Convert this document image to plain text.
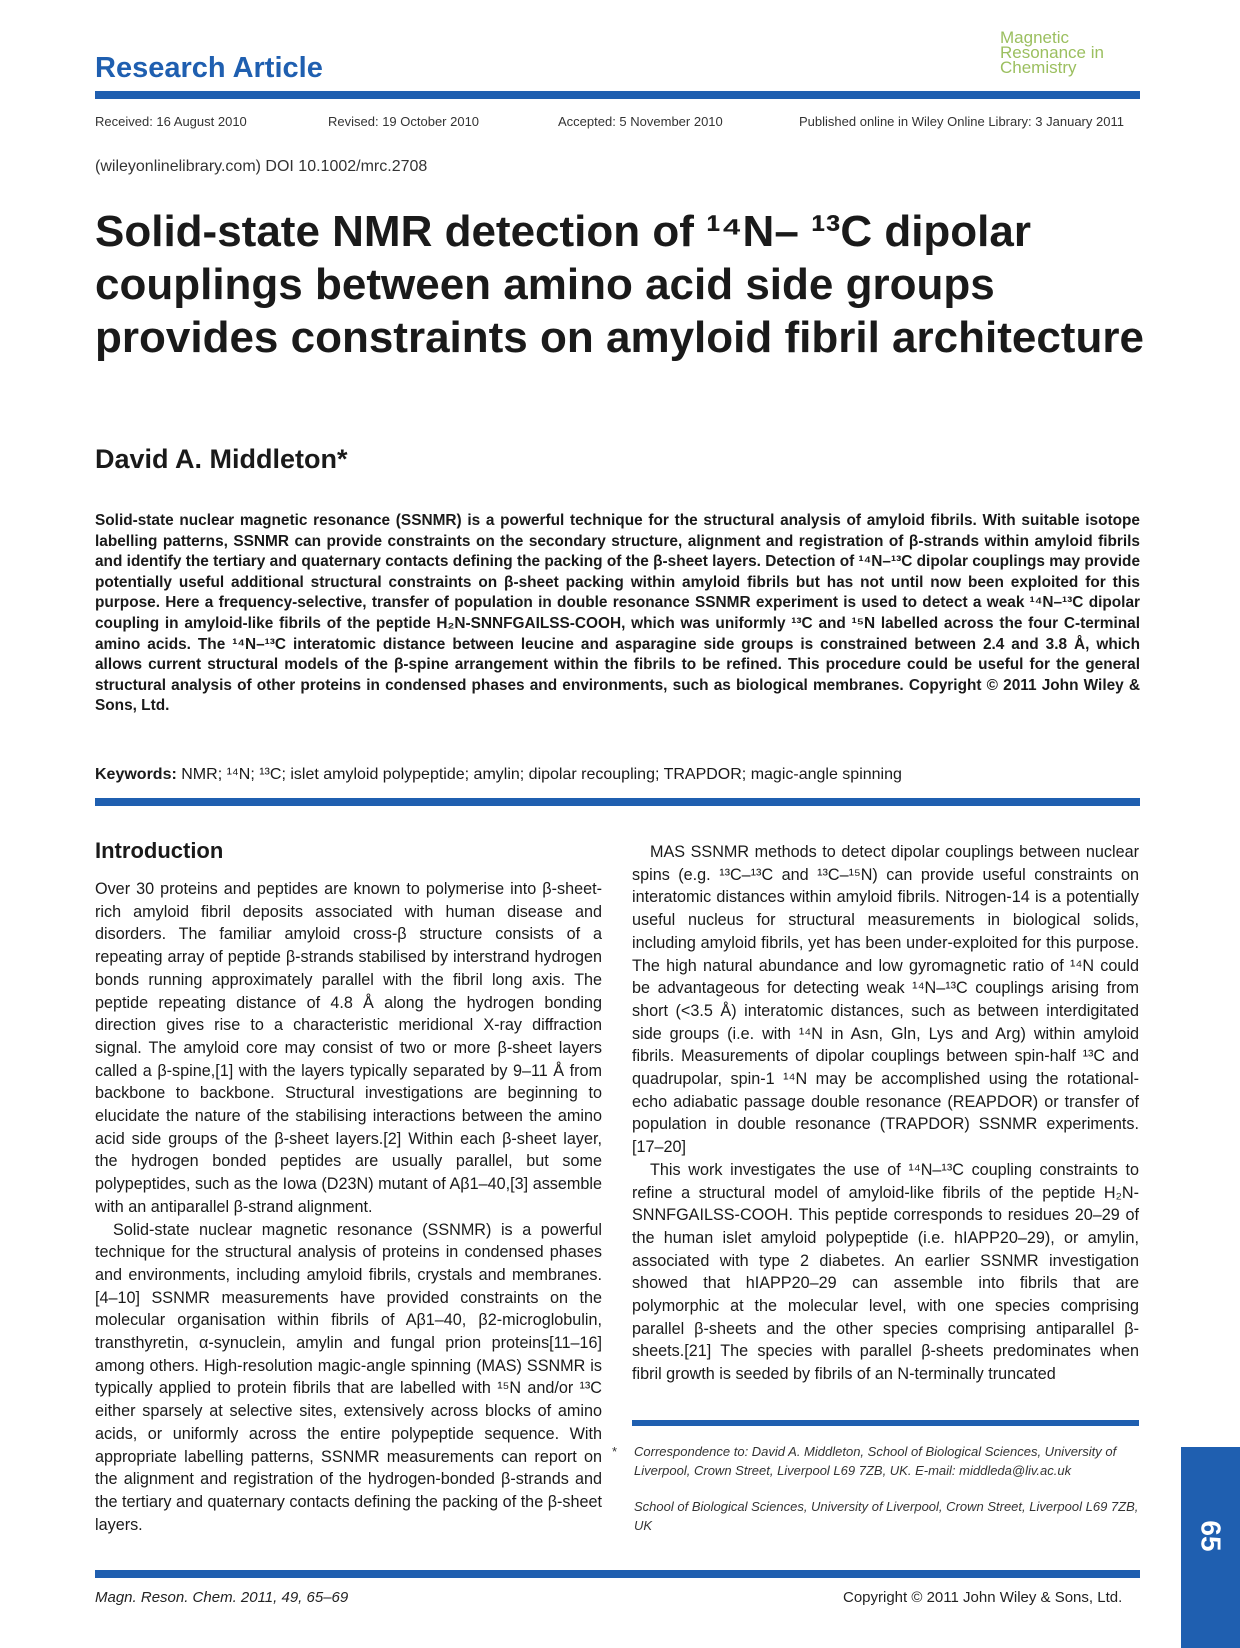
Research Article
Magnetic
Resonance in
Chemistry
Received: 16 August 2010	Revised: 19 October 2010	Accepted: 5 November 2010	Published online in Wiley Online Library: 3 January 2011
(wileyonlinelibrary.com) DOI 10.1002/mrc.2708
Solid-state NMR detection of ¹⁴N– ¹³C dipolar couplings between amino acid side groups provides constraints on amyloid fibril architecture
David A. Middleton*
Solid-state nuclear magnetic resonance (SSNMR) is a powerful technique for the structural analysis of amyloid fibrils. With suitable isotope labelling patterns, SSNMR can provide constraints on the secondary structure, alignment and registration of β-strands within amyloid fibrils and identify the tertiary and quaternary contacts defining the packing of the β-sheet layers. Detection of ¹⁴N–¹³C dipolar couplings may provide potentially useful additional structural constraints on β-sheet packing within amyloid fibrils but has not until now been exploited for this purpose. Here a frequency-selective, transfer of population in double resonance SSNMR experiment is used to detect a weak ¹⁴N–¹³C dipolar coupling in amyloid-like fibrils of the peptide H₂N-SNNFGAILSS-COOH, which was uniformly ¹³C and ¹⁵N labelled across the four C-terminal amino acids. The ¹⁴N–¹³C interatomic distance between leucine and asparagine side groups is constrained between 2.4 and 3.8 Å, which allows current structural models of the β-spine arrangement within the fibrils to be refined. This procedure could be useful for the general structural analysis of other proteins in condensed phases and environments, such as biological membranes. Copyright © 2011 John Wiley & Sons, Ltd.
Keywords: NMR; ¹⁴N; ¹³C; islet amyloid polypeptide; amylin; dipolar recoupling; TRAPDOR; magic-angle spinning
Introduction

Over 30 proteins and peptides are known to polymerise into β-sheet-rich amyloid fibril deposits associated with human disease and disorders. The familiar amyloid cross-β structure consists of a repeating array of peptide β-strands stabilised by interstrand hydrogen bonds running approximately parallel with the fibril long axis. The peptide repeating distance of 4.8 Å along the hydrogen bonding direction gives rise to a characteristic meridional X-ray diffraction signal. The amyloid core may consist of two or more β-sheet layers called a β-spine,[1] with the layers typically separated by 9–11 Å from backbone to backbone. Structural investigations are beginning to elucidate the nature of the stabilising interactions between the amino acid side groups of the β-sheet layers.[2] Within each β-sheet layer, the hydrogen bonded peptides are usually parallel, but some polypeptides, such as the Iowa (D23N) mutant of Aβ1–40,[3] assemble with an antiparallel β-strand alignment.

Solid-state nuclear magnetic resonance (SSNMR) is a powerful technique for the structural analysis of proteins in condensed phases and environments, including amyloid fibrils, crystals and membranes.[4–10] SSNMR measurements have provided constraints on the molecular organisation within fibrils of Aβ1–40, β2-microglobulin, transthyretin, α-synuclein, amylin and fungal prion proteins[11–16] among others. High-resolution magic-angle spinning (MAS) SSNMR is typically applied to protein fibrils that are labelled with ¹⁵N and/or ¹³C either sparsely at selective sites, extensively across blocks of amino acids, or uniformly across the entire polypeptide sequence. With appropriate labelling patterns, SSNMR measurements can report on the alignment and registration of the hydrogen-bonded β-strands and the tertiary and quaternary contacts defining the packing of the β-sheet layers.

MAS SSNMR methods to detect dipolar couplings between nuclear spins (e.g. ¹³C–¹³C and ¹³C–¹⁵N) can provide useful constraints on interatomic distances within amyloid fibrils. Nitrogen-14 is a potentially useful nucleus for structural measurements in biological solids, including amyloid fibrils, yet has been under-exploited for this purpose. The high natural abundance and low gyromagnetic ratio of ¹⁴N could be advantageous for detecting weak ¹⁴N–¹³C couplings arising from short (<3.5 Å) interatomic distances, such as between interdigitated side groups (i.e. with ¹⁴N in Asn, Gln, Lys and Arg) within amyloid fibrils. Measurements of dipolar couplings between spin-half ¹³C and quadrupolar, spin-1 ¹⁴N may be accomplished using the rotational-echo adiabatic passage double resonance (REAPDOR) or transfer of population in double resonance (TRAPDOR) SSNMR experiments.[17–20]

This work investigates the use of ¹⁴N–¹³C coupling constraints to refine a structural model of amyloid-like fibrils of the peptide H₂N-SNNFGAILSS-COOH. This peptide corresponds to residues 20–29 of the human islet amyloid polypeptide (i.e. hIAPP20–29), or amylin, associated with type 2 diabetes. An earlier SSNMR investigation showed that hIAPP20–29 can assemble into fibrils that are polymorphic at the molecular level, with one species comprising parallel β-sheets and the other species comprising antiparallel β-sheets.[21] The species with parallel β-sheets predominates when fibril growth is seeded by fibrils of an N-terminally truncated

* Correspondence to: David A. Middleton, School of Biological Sciences, University of Liverpool, Crown Street, Liverpool L69 7ZB, UK. E-mail: middleda@liv.ac.uk
School of Biological Sciences, University of Liverpool, Crown Street, Liverpool L69 7ZB, UK	65
Magn. Reson. Chem. 2011, 49, 65–69	Copyright © 2011 John Wiley & Sons, Ltd.
